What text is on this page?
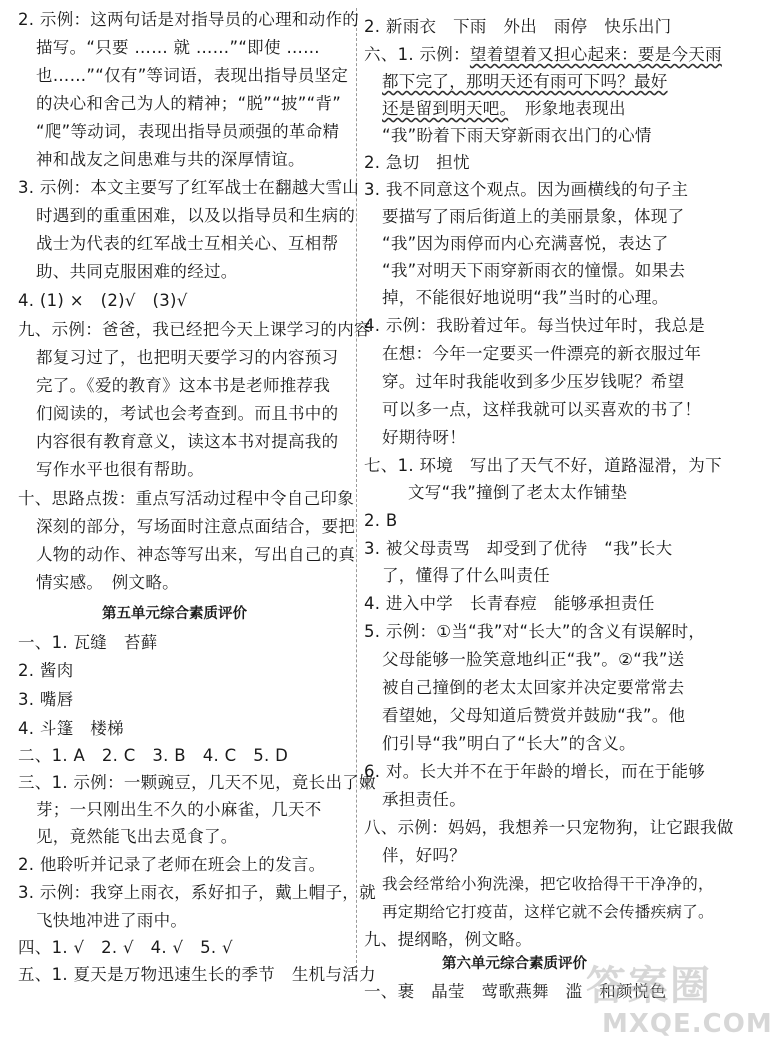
2. 示例：这两句话是对指导员的心理和动作的
描写。“只要 …… 就 ……”“即使 ……
也……”“仅有”等词语，表现出指导员坚定
的决心和舍己为人的精神；“脱”“披”“背”
“爬”等动词，表现出指导员顽强的革命精
神和战友之间患难与共的深厚情谊。
3. 示例：本文主要写了红军战士在翻越大雪山
时遇到的重重困难，以及以指导员和生病的
战士为代表的红军战士互相关心、互相帮
助、共同克服困难的经过。
4. (1) ×　(2)√　(3)√
九、示例：爸爸，我已经把今天上课学习的内容
都复习过了，也把明天要学习的内容预习
完了。《爱的教育》这本书是老师推荐我
们阅读的，考试也会考查到。而且书中的
内容很有教育意义，读这本书对提高我的
写作水平也很有帮助。
十、思路点拨：重点写活动过程中令自己印象
深刻的部分，写场面时注意点面结合，要把
人物的动作、神态等写出来，写出自己的真
情实感。　例文略。
第五单元综合素质评价
一、1. 瓦缝　苔藓
2. 酱肉
3. 嘴唇
4. 斗篷　楼梯
二、1. A　2. C　3. B　4. C　5. D
三、1. 示例：一颗豌豆，几天不见，竟长出了嫩
芽；一只刚出生不久的小麻雀，几天不
见，竟然能飞出去觅食了。
2. 他聆听并记录了老师在班会上的发言。
3. 示例：我穿上雨衣，系好扣子，戴上帽子，就
飞快地冲进了雨中。
四、1. √　2. √　4. √　5. √
五、1. 夏天是万物迅速生长的季节　生机与活力
2. 新雨衣　下雨　外出　雨停　快乐出门
六、1. 示例：望着望着又担心起来：要是今天雨
都下完了，那明天还有雨可下吗？最好
还是留到明天吧。　形象地表现出
“我”盼着下雨天穿新雨衣出门的心情
2. 急切　担忧
3. 我不同意这个观点。因为画横线的句子主
要描写了雨后街道上的美丽景象，体现了
“我”因为雨停而内心充满喜悦，表达了
“我”对明天下雨穿新雨衣的憧憬。如果去
掉，不能很好地说明“我”当时的心理。
4. 示例：我盼着过年。每当快过年时，我总是
在想：今年一定要买一件漂亮的新衣服过年
穿。过年时我能收到多少压岁钱呢？希望
可以多一点，这样我就可以买喜欢的书了！
好期待呀！
七、1. 环境　写出了天气不好，道路湿滑，为下
文写“我”撞倒了老太太作铺垫
2. B
3. 被父母责骂　却受到了优待　“我”长大
了，懂得了什么叫责任
4. 进入中学　长青春痘　能够承担责任
5. 示例：①当“我”对“长大”的含义有误解时，
父母能够一脸笑意地纠正“我”。②“我”送
被自己撞倒的老太太回家并决定要常常去
看望她，父母知道后赞赏并鼓励“我”。他
们引导“我”明白了“长大”的含义。
6. 对。长大并不在于年龄的增长，而在于能够
承担责任。
八、示例：妈妈，我想养一只宠物狗，让它跟我做
伴，好吗？
我会经常给小狗洗澡，把它收拾得干干净净的，
再定期给它打疫苗，这样它就不会传播疾病了。
九、提纲略，例文略。
第六单元综合素质评价
一、裹　晶莹　莺歌燕舞　滥　和颜悦色
答案圈
MXQE.COM
